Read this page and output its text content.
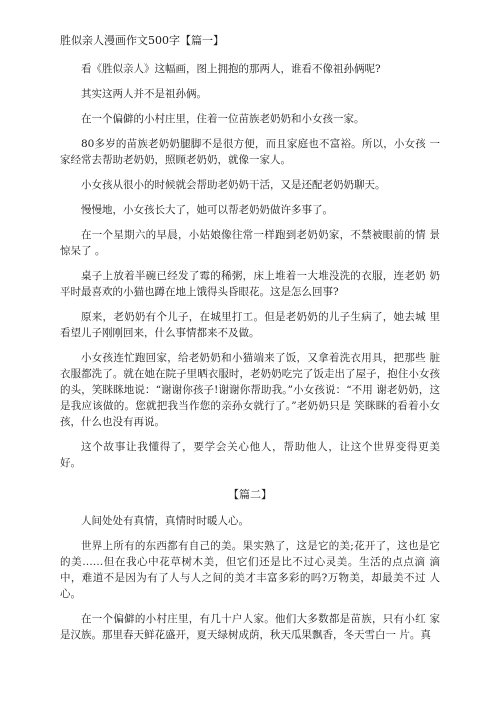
胜似亲人漫画作文500字【篇一】

看《胜似亲人》这幅画，图上拥抱的那两人，谁看不像祖孙俩呢?

其实这两人并不是祖孙俩。

在一个偏僻的小村庄里，住着一位苗族老奶奶和小女孩一家。

80多岁的苗族老奶奶腿脚不是很方便，而且家庭也不富裕。所以，小女孩 一家经常去帮助老奶奶，照顾老奶奶，就像一家人。

小女孩从很小的时候就会帮助老奶奶干活，又是还配老奶奶聊天。

慢慢地，小女孩长大了，她可以帮老奶奶做许多事了。

在一个星期六的早晨，小姑娘像往常一样跑到老奶奶家，不禁被眼前的情 景惊呆了 。

桌子上放着半碗已经发了霉的稀粥，床上堆着一大堆没洗的衣服，连老奶 奶平时最喜欢的小猫也蹲在地上饿得头昏眼花。这是怎么回事?

原来，老奶奶有个儿子，在城里打工。但是老奶奶的儿子生病了，她去城 里看望儿子刚刚回来，什么事情都来不及做。

小女孩连忙跑回家，给老奶奶和小猫端来了饭，又拿着洗衣用具，把那些 脏衣服都洗了。就在她在院子里晒衣服时，老奶奶吃完了饭走出了屋子，抱住小女孩的头，笑眯眯地说：“谢谢你孩子!谢谢你帮助我。”小女孩说：“不用 谢老奶奶，这是我应该做的。您就把我当作您的亲孙女就行了。”老奶奶只是 笑眯眯的看着小女孩，什么也没有再说。

这个故事让我懂得了，要学会关心他人，帮助他人，让这个世界变得更美 好。

【篇二】

人间处处有真情，真情时时暖人心。

世界上所有的东西都有自己的美。果实熟了，这是它的美;花开了，这也是它的美……但在我心中花草树木美，但它们还是比不过心灵美。生活的点点滴 滴中，难道不是因为有了人与人之间的美才丰富多彩的吗?万物美，却最美不过 人心。

在一个偏僻的小村庄里，有几十户人家。他们大多数都是苗族，只有小红 家是汉族。那里春天鲜花盛开，夏天绿树成荫，秋天瓜果飘香，冬天雪白一 片。真
